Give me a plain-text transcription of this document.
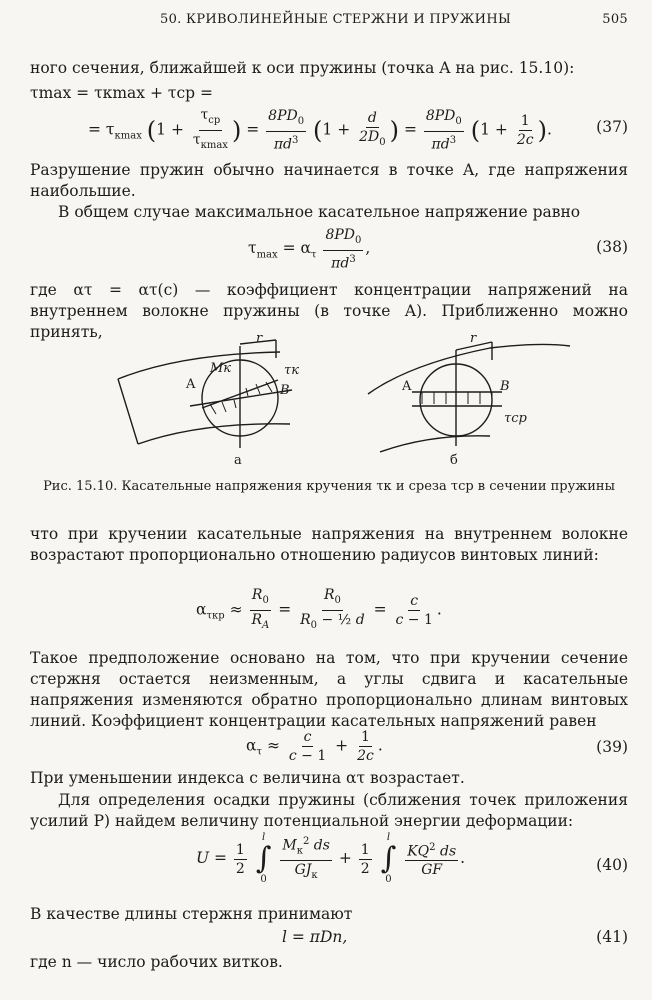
50. КРИВОЛИНЕЙНЫЕ СТЕРЖНИ И ПРУЖИНЫ	505
ного сечения, ближайшей к оси пружины (точка A на рис. 15.10):
τmax = τкmax + τср =
= $\tau_{кmax}$ ($1 + \frac{\tau_{ср}}{\tau_{кmax}}$ ) = $\frac{8PD_0}{\pi d^3} (1 + \frac{d}{2D_0}$ ) = $\frac{8PD_0}{\pi d^3} (1 + \frac{1}{2c}$ ).	(37)
Разрушение пружин обычно начинается в точке A, где напряжения наибольшие.
В общем случае максимальное касательное напряжение равно
$\tau_{max} = \alpha_\tau \frac{8PD_0}{\pi d^3}$ ,	(38)
где ατ = ατ(c) — коэффициент концентрации напряжений на внутреннем волокне пружины (в точке A). Приближенно можно принять,	r
A	B
Mк	τк
r
A	B
τср
а	б
Рис. 15.10. Касательные напряжения кручения τк и среза τср в сечении пружины
что при кручении касательные напряжения на внутреннем волокне возрастают пропорционально отношению радиусов винтовых линий:
$\alpha_{\tau кр} \approx \frac{R_0}{R_A} = \frac{R_0}{R_0 - \frac{1}{2} d} = \frac{c}{c - 1}$ .
Такое предположение основано на том, что при кручении сечение стержня остается неизменным, а углы сдвига и касательные напряжения изменяются обратно пропорционально длинам винтовых линий. Коэффициент концентрации касательных напряжений равен
$\alpha_\tau \approx \frac{c}{c - 1} + \frac{1}{2c}$ .	(39)
При уменьшении индекса c величина ατ возрастает.
Для определения осадки пружины (сближения точек приложения усилий P) найдем величину потенциальной энергии деформации:
$U = \frac{1}{2}$

l
∫
0
$\frac{M_к^2 ds}{GJ_к} + \frac{1}{2}$

l
∫
0

$\frac{KQ^2 ds}{GF}$ .	(40)
В качестве длины стержня принимают
l = πDn,	(41)
где n — число рабочих витков.
